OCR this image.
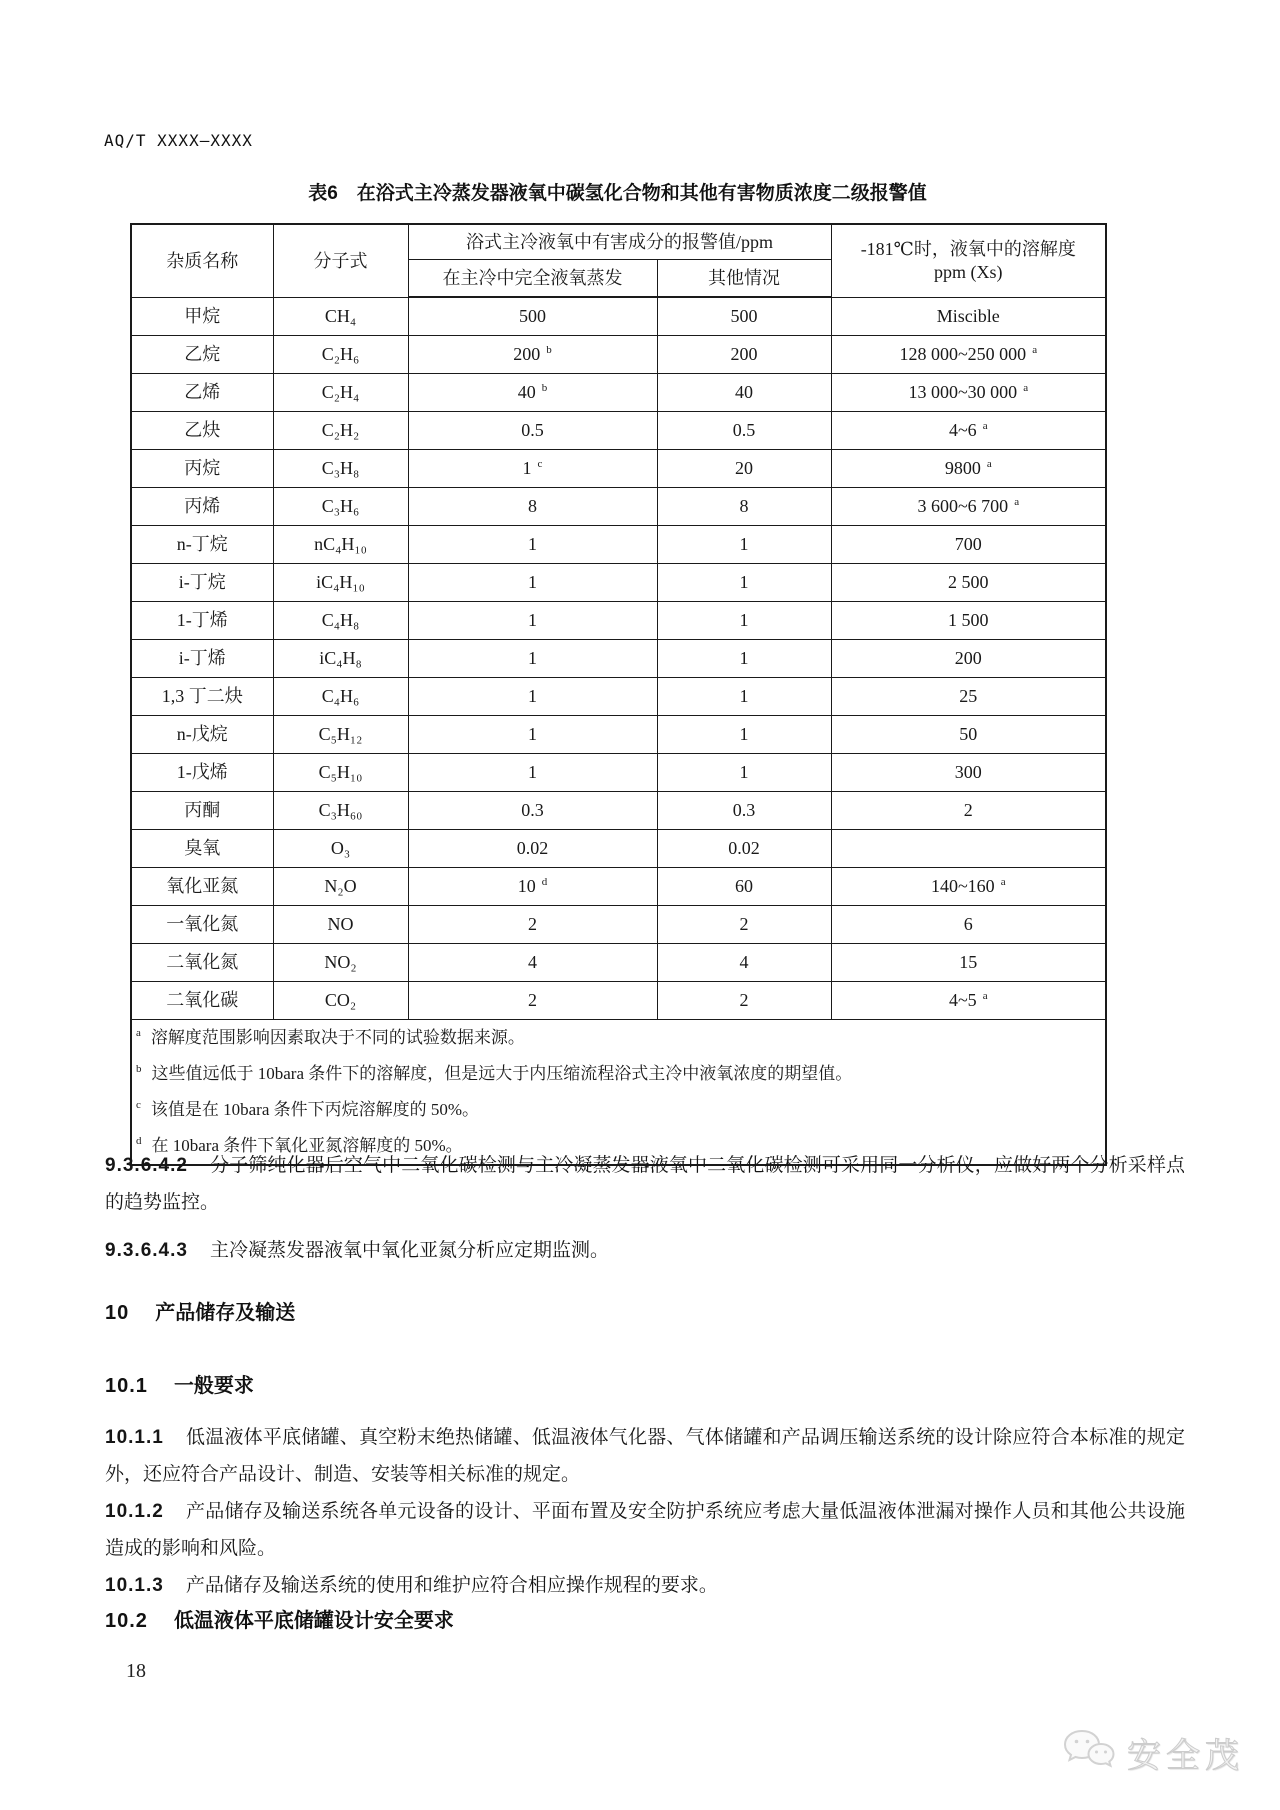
AQ/T XXXX—XXXX
表6　在浴式主冷蒸发器液氧中碳氢化合物和其他有害物质浓度二级报警值
杂质名称	分子式	浴式主冷液氧中有害成分的报警值/ppm		-181℃时，液氧中的溶解度
ppm (Xs)
		在主冷中完全液氧蒸发	其他情况	
甲烷	CH₄	500	500	Miscible
乙烷	C₂H₆	200 $^b$	200	128 000~250 000 $^a$
乙烯	C₂H₄	40 $^b$	40	13 000~30 000 $^a$
乙炔	C₂H₂	0.5	0.5	4~6 $^a$
丙烷	C₃H₈	1 $^c$	20	9800 $^a$
丙烯	C₃H₆	8	8	3 600~6 700 $^a$
n-丁烷	nC₄H₁₀	1	1	700
i-丁烷	iC₄H₁₀	1	1	2 500
1-丁烯	C₄H₈	1	1	1 500
i-丁烯	iC₄H₈	1	1	200
1,3 丁二炔	C₄H₆	1	1	25
n-戊烷	C₅H₁₂	1	1	50
1-戊烯	C₅H₁₀	1	1	300
丙酮	C₃H₆₀	0.3	0.3	2
臭氧	O₃	0.02	0.02	
氧化亚氮	N₂O	10 $^d$	60	140~160 $^a$
一氧化氮	NO	2	2	6
二氧化氮	NO₂	4	4	15
二氧化碳	CO₂	2	2	4~5 $^a$

$^a$ 溶解度范围影响因素取决于不同的试验数据来源。
$^b$ 这些值远低于 10bara 条件下的溶解度，但是远大于内压缩流程浴式主冷中液氧浓度的期望值。
$^c$ 该值是在 10bara 条件下丙烷溶解度的 50%。
$^d$ 在 10bara 条件下氧化亚氮溶解度的 50%。				

9.3.6.4.2 分子筛纯化器后空气中二氧化碳检测与主冷凝蒸发器液氧中二氧化碳检测可采用同一分析仪，应做好两个分析采样点的趋势监控。

9.3.6.4.3 主冷凝蒸发器液氧中氧化亚氮分析应定期监测。

10 产品储存及输送

10.1 一般要求

10.1.1 低温液体平底储罐、真空粉末绝热储罐、低温液体气化器、气体储罐和产品调压输送系统的设计除应符合本标准的规定外，还应符合产品设计、制造、安装等相关标准的规定。

10.1.2 产品储存及输送系统各单元设备的设计、平面布置及安全防护系统应考虑大量低温液体泄漏对操作人员和其他公共设施造成的影响和风险。

10.1.3 产品储存及输送系统的使用和维护应符合相应操作规程的要求。

10.2 低温液体平底储罐设计安全要求

18
安全茂
